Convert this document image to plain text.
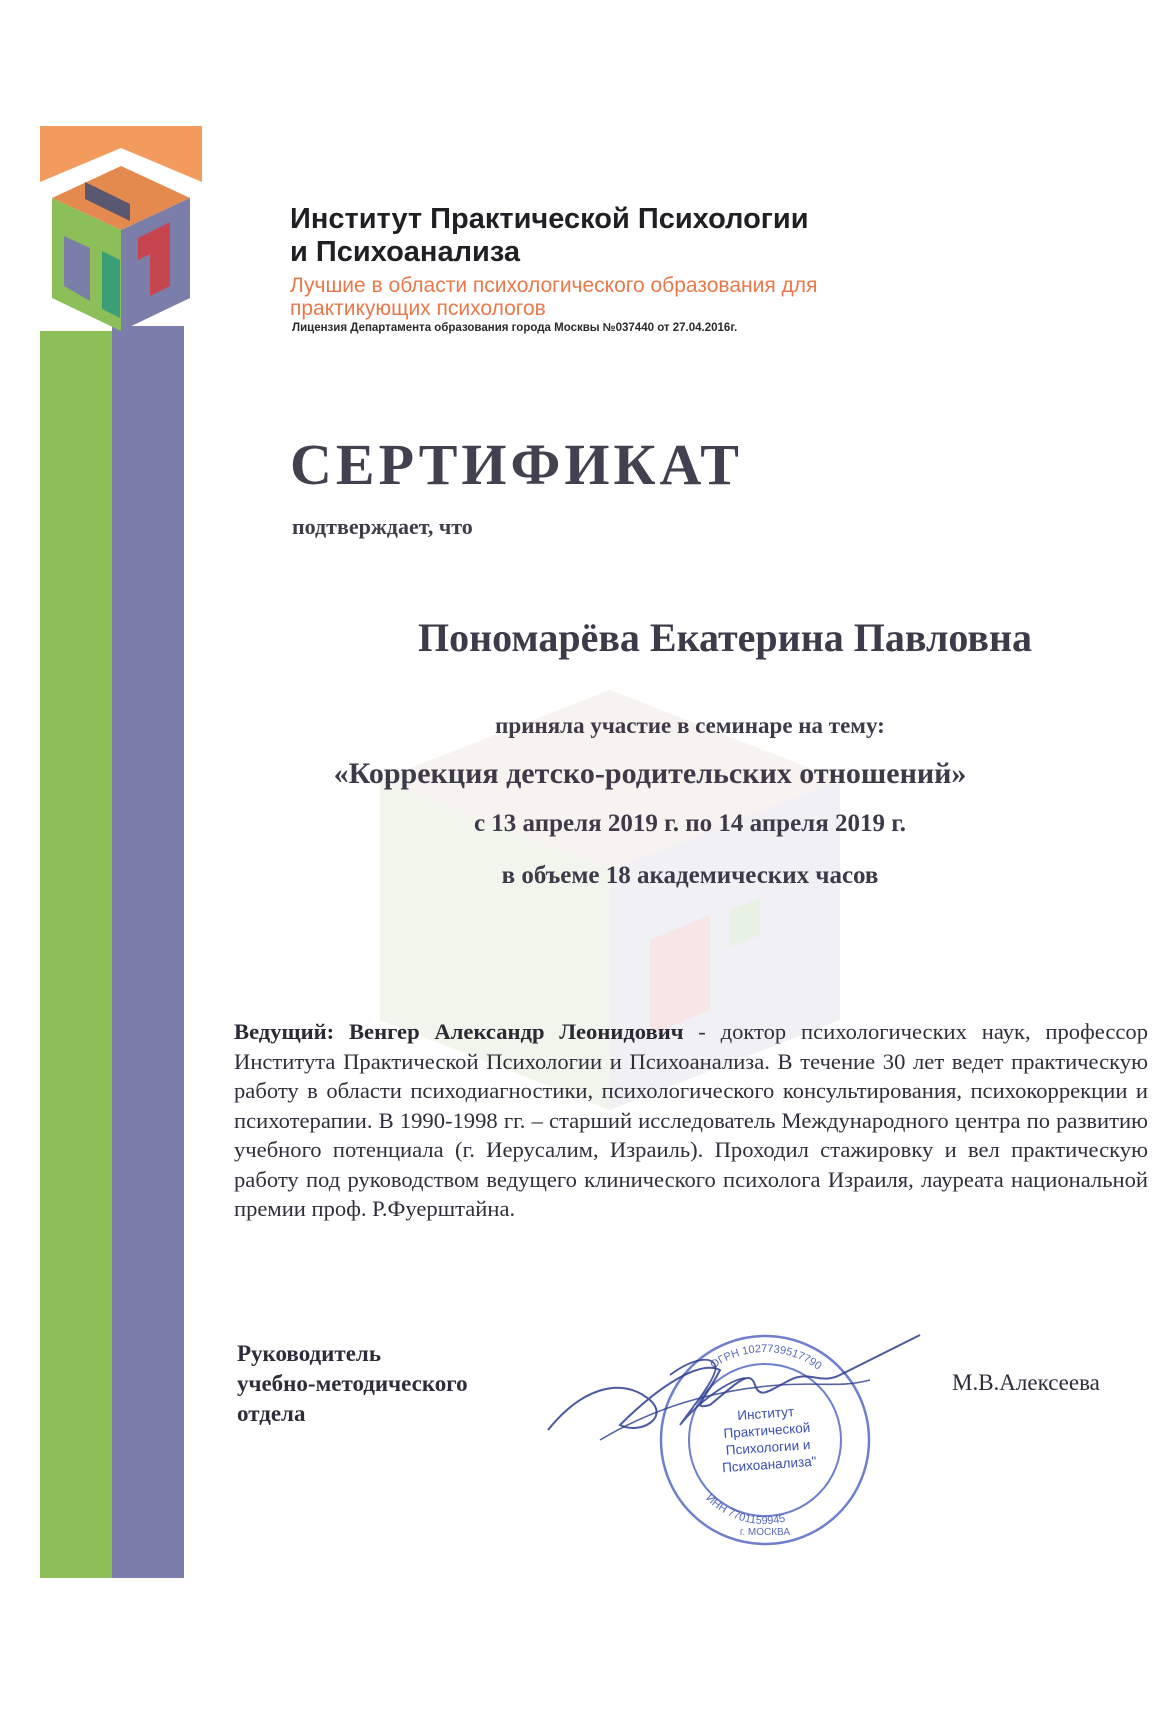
Институт Практической Психологии
и Психоанализа
Лучшие в области психологического образования для
практикующих психологов
Лицензия Департамента образования города Москвы №037440 от 27.04.2016г.
СЕРТИФИКАТ
подтверждает, что
Пономарёва Екатерина Павловна
приняла участие в семинаре на тему:
«Коррекция детско-родительских отношений»
с 13 апреля 2019 г. по 14 апреля 2019 г.
в объеме 18 академических часов

Ведущий: Венгер Александр Леонидович - доктор психологических наук, профессор Института Практической Психологии и Психоанализа. В течение 30 лет ведет практическую работу в области психодиагностики, психологического консультирования, психокоррекции и психотерапии. В 1990-1998 гг. – старший исследователь Международного центра по развитию учебного потенциала (г. Иерусалим, Израиль). Проходил стажировку и вел практическую работу под руководством ведущего клинического психолога Израиля, лауреата национальной премии проф. Р.Фуерштайна.

Руководитель
учебно-методического
отдела
М.В.Алексеева
ОГРН 1027739517790
ИНН 7701159945
г. МОСКВА
Институт
Практической
Психологии и
Психоанализа"
